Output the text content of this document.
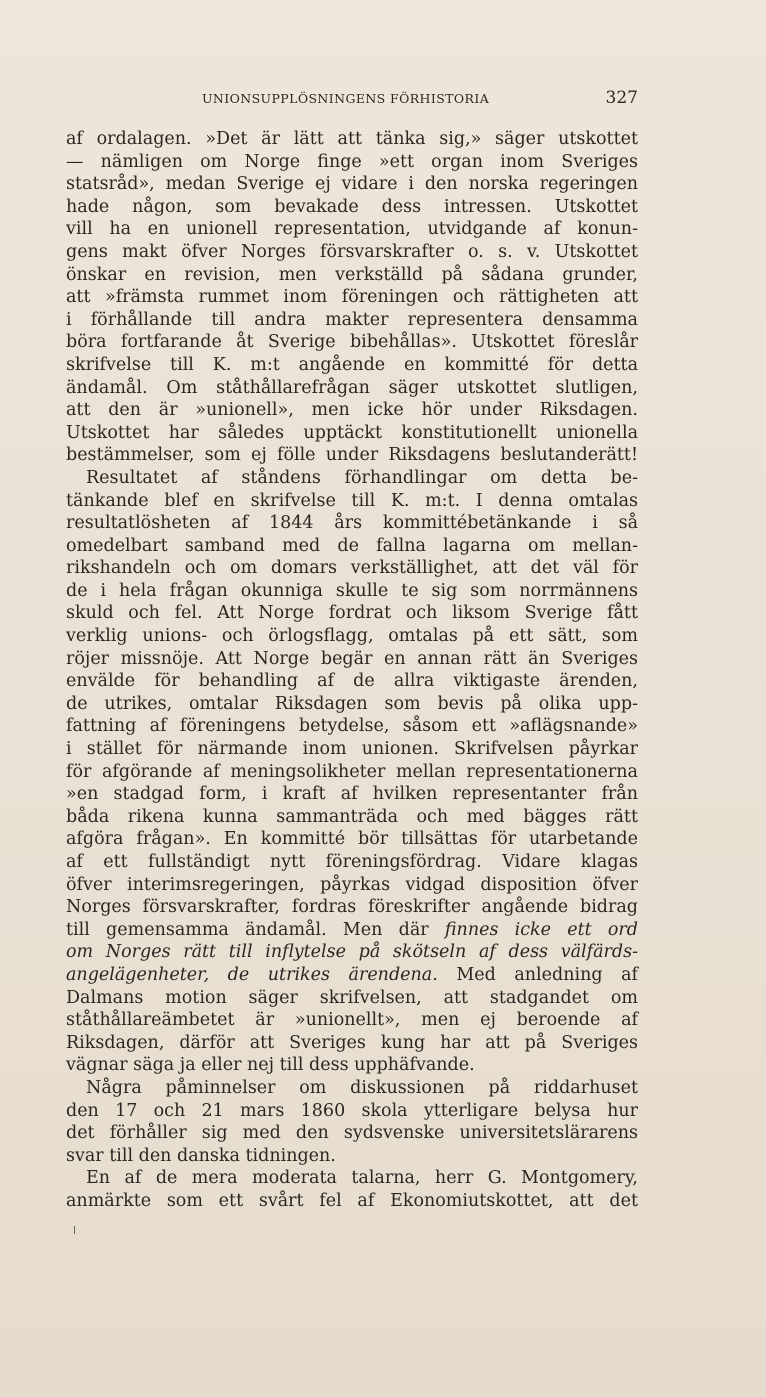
UNIONSUPPLÖSNINGENS FÖRHISTORIA	327
af ordalagen. »Det är lätt att tänka sig,» säger utskottet
— nämligen om Norge finge »ett organ inom Sveriges
statsråd», medan Sverige ej vidare i den norska regeringen
hade någon, som bevakade dess intressen. Utskottet
vill ha en unionell representation, utvidgande af konun-
gens makt öfver Norges försvarskrafter o. s. v. Utskottet
önskar en revision, men verkställd på sådana grunder,
att »främsta rummet inom föreningen och rättigheten att
i förhållande till andra makter representera densamma
böra fortfarande åt Sverige bibehållas». Utskottet föreslår
skrifvelse till K. m:t angående en kommitté för detta
ändamål. Om ståthållarefrågan säger utskottet slutligen,
att den är »unionell», men icke hör under Riksdagen.
Utskottet har således upptäckt konstitutionellt unionella
bestämmelser, som ej fölle under Riksdagens beslutanderätt!
Resultatet af ståndens förhandlingar om detta be-
tänkande blef en skrifvelse till K. m:t. I denna omtalas
resultatlösheten af 1844 års kommittébetänkande i så
omedelbart samband med de fallna lagarna om mellan-
rikshandeln och om domars verkställighet, att det väl för
de i hela frågan okunniga skulle te sig som norrmännens
skuld och fel. Att Norge fordrat och liksom Sverige fått
verklig unions- och örlogsflagg, omtalas på ett sätt, som
röjer missnöje. Att Norge begär en annan rätt än Sveriges
envälde för behandling af de allra viktigaste ärenden,
de utrikes, omtalar Riksdagen som bevis på olika upp-
fattning af föreningens betydelse, såsom ett »aflägsnande»
i stället för närmande inom unionen. Skrifvelsen påyrkar
för afgörande af meningsolikheter mellan representationerna
»en stadgad form, i kraft af hvilken representanter från
båda rikena kunna sammanträda och med bägges rätt
afgöra frågan». En kommitté bör tillsättas för utarbetande
af ett fullständigt nytt föreningsfördrag. Vidare klagas
öfver interimsregeringen, påyrkas vidgad disposition öfver
Norges försvarskrafter, fordras föreskrifter angående bidrag
till gemensamma ändamål. Men där finnes icke ett ord
om Norges rätt till inflytelse på skötseln af dess välfärds-
angelägenheter, de utrikes ärendena. Med anledning af
Dalmans motion säger skrifvelsen, att stadgandet om
ståthållareämbetet är »unionellt», men ej beroende af
Riksdagen, därför att Sveriges kung har att på Sveriges
vägnar säga ja eller nej till dess upphäfvande.
Några påminnelser om diskussionen på riddarhuset
den 17 och 21 mars 1860 skola ytterligare belysa hur
det förhåller sig med den sydsvenske universitetslärarens
svar till den danska tidningen.
En af de mera moderata talarna, herr G. Montgomery,
anmärkte som ett svårt fel af Ekonomiutskottet, att det
